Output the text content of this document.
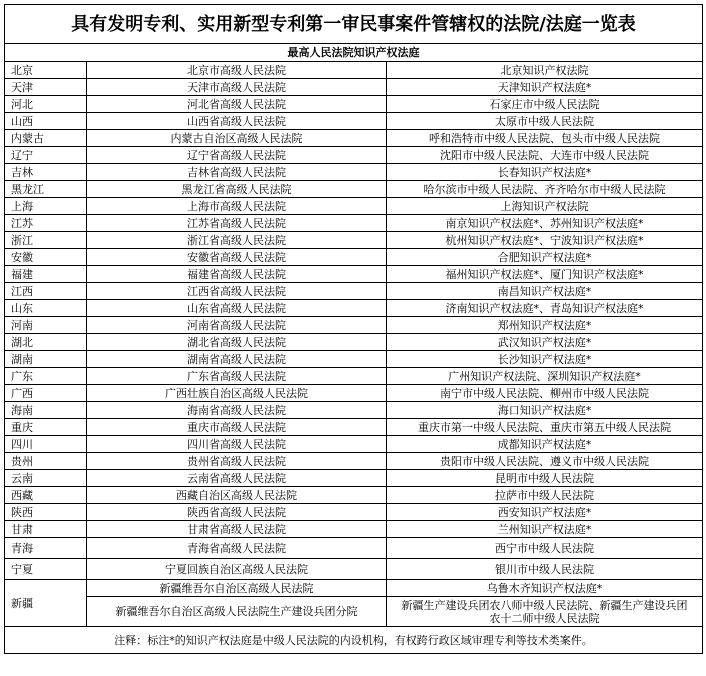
具有发明专利、实用新型专利第一审民事案件管辖权的法院/法庭一览表		
最高人民法院知识产权法庭		
北京	北京市高级人民法院	北京知识产权法院
天津	天津市高级人民法院	天津知识产权法庭*
河北	河北省高级人民法院	石家庄市中级人民法院
山西	山西省高级人民法院	太原市中级人民法院
内蒙古	内蒙古自治区高级人民法院	呼和浩特市中级人民法院、包头市中级人民法院
辽宁	辽宁省高级人民法院	沈阳市中级人民法院、大连市中级人民法院
吉林	吉林省高级人民法院	长春知识产权法庭*
黑龙江	黑龙江省高级人民法院	哈尔滨市中级人民法院、齐齐哈尔市中级人民法院
上海	上海市高级人民法院	上海知识产权法院
江苏	江苏省高级人民法院	南京知识产权法庭*、苏州知识产权法庭*
浙江	浙江省高级人民法院	杭州知识产权法庭*、宁波知识产权法庭*
安徽	安徽省高级人民法院	合肥知识产权法庭*
福建	福建省高级人民法院	福州知识产权法庭*、厦门知识产权法庭*
江西	江西省高级人民法院	南昌知识产权法庭*
山东	山东省高级人民法院	济南知识产权法庭*、青岛知识产权法庭*
河南	河南省高级人民法院	郑州知识产权法庭*
湖北	湖北省高级人民法院	武汉知识产权法庭*
湖南	湖南省高级人民法院	长沙知识产权法庭*
广东	广东省高级人民法院	广州知识产权法院、深圳知识产权法庭*
广西	广西壮族自治区高级人民法院	南宁市中级人民法院、柳州市中级人民法院
海南	海南省高级人民法院	海口知识产权法庭*
重庆	重庆市高级人民法院	重庆市第一中级人民法院、重庆市第五中级人民法院
四川	四川省高级人民法院	成都知识产权法庭*
贵州	贵州省高级人民法院	贵阳市中级人民法院、遵义市中级人民法院
云南	云南省高级人民法院	昆明市中级人民法院
西藏	西藏自治区高级人民法院	拉萨市中级人民法院
陕西	陕西省高级人民法院	西安知识产权法庭*
甘肃	甘肃省高级人民法院	兰州知识产权法庭*
青海	青海省高级人民法院	西宁市中级人民法院
宁夏	宁夏回族自治区高级人民法院	银川市中级人民法院
新疆	新疆维吾尔自治区高级人民法院	乌鲁木齐知识产权法庭*
	新疆维吾尔自治区高级人民法院生产建设兵团分院	新疆生产建设兵团农八师中级人民法院、新疆生产建设兵团
农十二师中级人民法院

注释：标注*的知识产权法庭是中级人民法院的内设机构，有权跨行政区域审理专利等技术类案件。		
